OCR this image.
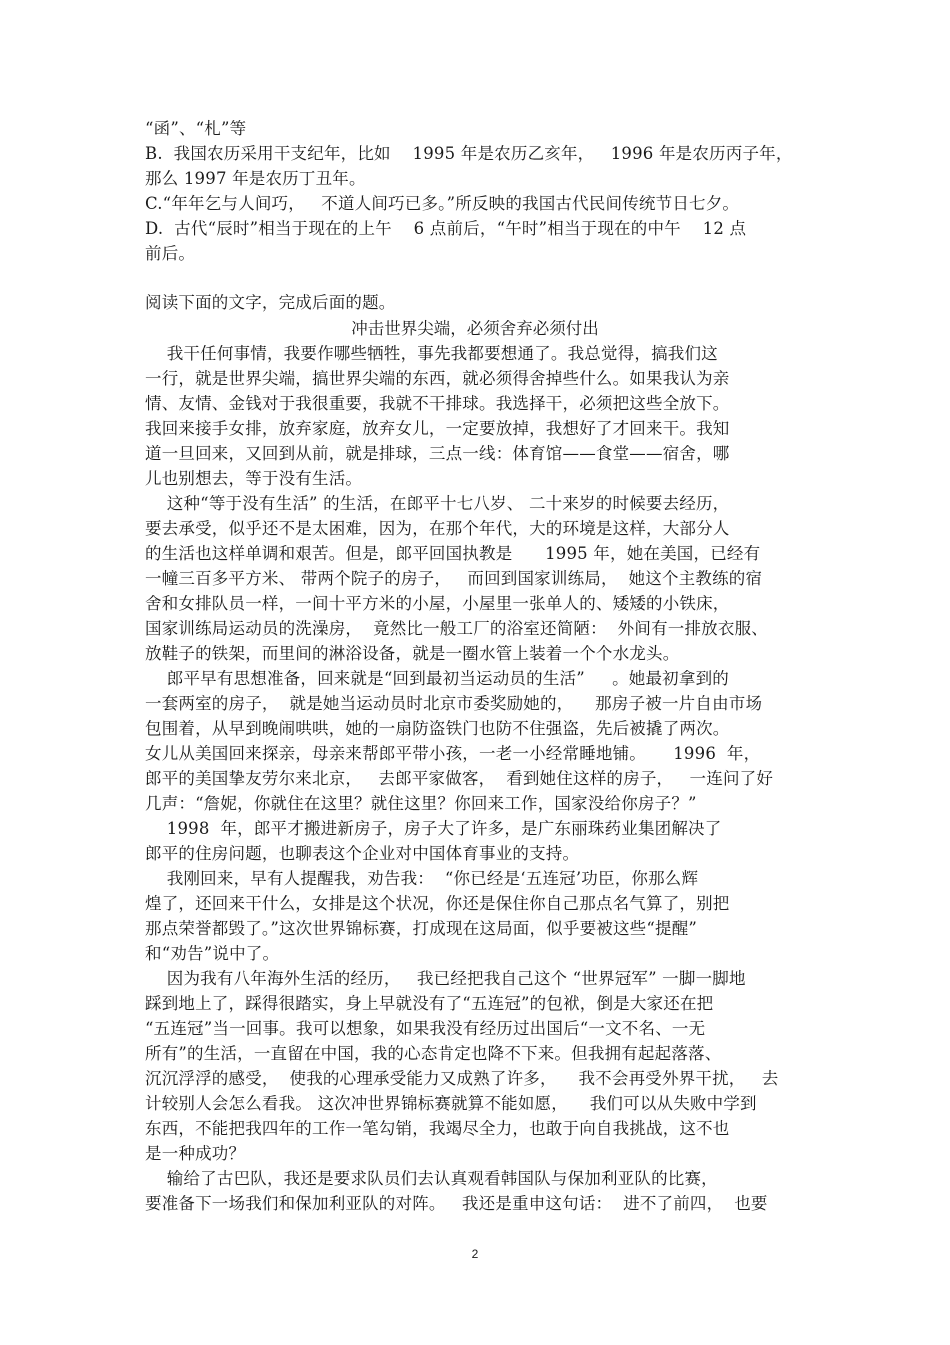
“函”、“札”等
B.  我国农历采用干支纪年，比如    1995 年是农历乙亥年，   1996 年是农历丙子年，
那么 1997 年是农历丁丑年。
C.“年年乞与人间巧，   不道人间巧已多。”所反映的我国古代民间传统节日七夕。
D.  古代“辰时”相当于现在的上午    6 点前后，“午时”相当于现在的中午    12 点
前后。
阅读下面的文字，完成后面的题。
冲击世界尖端，必须舍弃必须付出
我干任何事情，我要作哪些牺牲，事先我都要想通了。我总觉得，搞我们这
一行，就是世界尖端，搞世界尖端的东西，就必须得舍掉些什么。如果我认为亲
情、友情、金钱对于我很重要，我就不干排球。我选择干，必须把这些全放下。
我回来接手女排，放弃家庭，放弃女儿，一定要放掉，我想好了才回来干。我知
道一旦回来，又回到从前，就是排球，三点一线：体育馆——食堂——宿舍，哪
儿也别想去，等于没有生活。
这种“等于没有生活” 的生活，在郎平十七八岁、 二十来岁的时候要去经历，
要去承受，似乎还不是太困难，因为，在那个年代，大的环境是这样，大部分人
的生活也这样单调和艰苦。但是，郎平回国执教是      1995 年，她在美国，已经有
一幢三百多平方米、 带两个院子的房子，   而回到国家训练局，  她这个主教练的宿
舍和女排队员一样，一间十平方米的小屋，小屋里一张单人的、矮矮的小铁床，
国家训练局运动员的洗澡房，  竟然比一般工厂的浴室还简陋：  外间有一排放衣服、
放鞋子的铁架，而里间的淋浴设备，就是一圈水管上装着一个个水龙头。
郎平早有思想准备，回来就是“回到最初当运动员的生活”     。她最初拿到的
一套两室的房子，  就是她当运动员时北京市委奖励她的，    那房子被一片自由市场
包围着，从早到晚闹哄哄，她的一扇防盗铁门也防不住强盗，先后被撬了两次。
女儿从美国回来探亲，母亲来帮郎平带小孩，一老一小经常睡地铺。     1996  年，
郎平的美国挚友劳尔来北京，   去郎平家做客，  看到她住这样的房子，   一连问了好
几声：“詹妮，你就住在这里？就住这里？你回来工作，国家没给你房子？”
1998  年，郎平才搬进新房子，房子大了许多，是广东丽珠药业集团解决了
郎平的住房问题，也聊表这个企业对中国体育事业的支持。
我刚回来，早有人提醒我，劝告我：  “你已经是‘五连冠’功臣，你那么辉
煌了，还回来干什么，女排是这个状况，你还是保住你自己那点名气算了，别把
那点荣誉都毁了。”这次世界锦标赛，打成现在这局面，似乎要被这些“提醒”
和“劝告”说中了。
因为我有八年海外生活的经历，   我已经把我自己这个 “世界冠军” 一脚一脚地
踩到地上了，踩得很踏实，身上早就没有了“五连冠”的包袱，倒是大家还在把
“五连冠”当一回事。我可以想象，如果我没有经历过出国后“一文不名、一无
所有”的生活，一直留在中国，我的心态肯定也降不下来。但我拥有起起落落、
沉沉浮浮的感受，  使我的心理承受能力又成熟了许多，    我不会再受外界干扰，   去
计较别人会怎么看我。 这次冲世界锦标赛就算不能如愿，    我们可以从失败中学到
东西，不能把我四年的工作一笔勾销，我竭尽全力，也敢于向自我挑战，这不也
是一种成功？
输给了古巴队，我还是要求队员们去认真观看韩国队与保加利亚队的比赛，
要准备下一场我们和保加利亚队的对阵。   我还是重申这句话：  进不了前四，  也要
2
